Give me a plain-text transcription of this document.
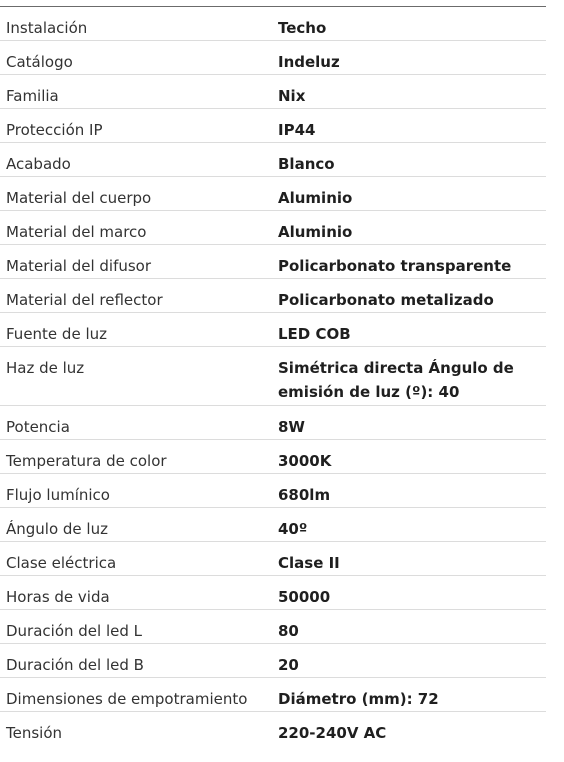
Instalación	Techo
Catálogo	Indeluz
Familia	Nix
Protección IP	IP44
Acabado	Blanco
Material del cuerpo	Aluminio
Material del marco	Aluminio
Material del difusor	Policarbonato transparente
Material del reflector	Policarbonato metalizado
Fuente de luz	LED COB
Haz de luz	Simétrica directa Ángulo de emisión de luz (º): 40
Potencia	8W
Temperatura de color	3000K
Flujo lumínico	680lm
Ángulo de luz	40º
Clase eléctrica	Clase II
Horas de vida	50000
Duración del led L	80
Duración del led B	20
Dimensiones de empotramiento	Diámetro (mm): 72
Tensión	220-240V AC
